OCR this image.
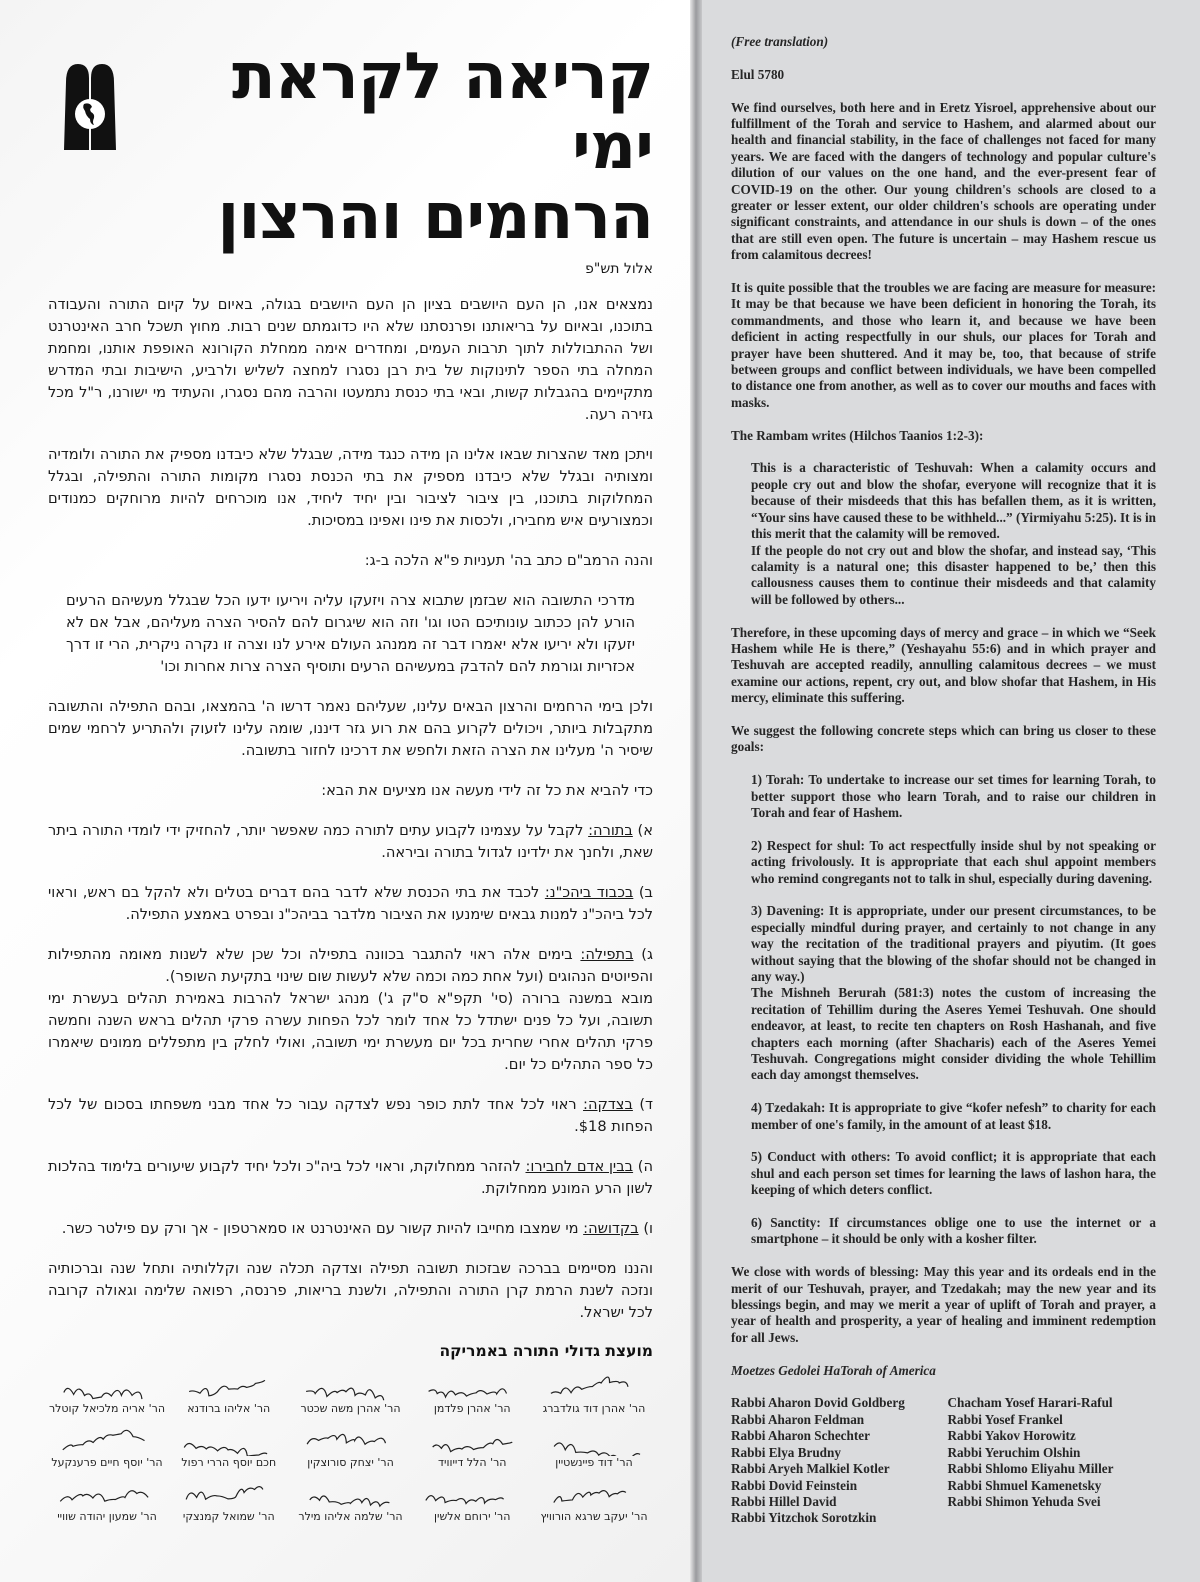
קריאה לקראת ימי
הרחמים והרצון
אלול תש"פ

נמצאים אנו, הן העם היושבים בציון הן העם היושבים בגולה, באיום על קיום התורה והעבודה בתוכנו, ובאיום על בריאותנו ופרנסתנו שלא היו כדוגמתם שנים רבות. מחוץ תשכל חרב האינטרנט ושל ההתבוללות לתוך תרבות העמים, ומחדרים אימה ממחלת הקורונא האופפת אותנו, ומחמת המחלה בתי הספר לתינוקות של בית רבן נסגרו למחצה לשליש ולרביע, הישיבות ובתי המדרש מתקיימים בהגבלות קשות, ובאי בתי כנסת נתמעטו והרבה מהם נסגרו, והעתיד מי ישורנו, ר"ל מכל גזירה רעה.

ויתכן מאד שהצרות שבאו אלינו הן מידה כנגד מידה, שבגלל שלא כיבדנו מספיק את התורה ולומדיה ומצותיה ובגלל שלא כיבדנו מספיק את בתי הכנסת נסגרו מקומות התורה והתפילה, ובגלל המחלוקות בתוכנו, בין ציבור לציבור ובין יחיד ליחיד, אנו מוכרחים להיות מרוחקים כמנודים וכמצורעים איש מחבירו, ולכסות את פינו ואפינו במסיכות.

והנה הרמב"ם כתב בה' תעניות פ"א הלכה ב-ג:

מדרכי התשובה הוא שבזמן שתבוא צרה ויזעקו עליה ויריעו ידעו הכל שבגלל מעשיהם הרעים הורע להן ככתוב עונותיכם הטו וגו' וזה הוא שיגרום להם להסיר הצרה מעליהם, אבל אם לא יזעקו ולא יריעו אלא יאמרו דבר זה ממנהג העולם אירע לנו וצרה זו נקרה ניקרית, הרי זו דרך אכזריות וגורמת להם להדבק במעשיהם הרעים ותוסיף הצרה צרות אחרות וכו'

ולכן בימי הרחמים והרצון הבאים עלינו, שעליהם נאמר דרשו ה' בהמצאו, ובהם התפילה והתשובה מתקבלות ביותר, ויכולים לקרוע בהם את רוע גזר דיננו, שומה עלינו לזעוק ולהתריע לרחמי שמים שיסיר ה' מעלינו את הצרה הזאת ולחפש את דרכינו לחזור בתשובה.

כדי להביא את כל זה לידי מעשה אנו מציעים את הבא:

א) בתורה: לקבל על עצמינו לקבוע עתים לתורה כמה שאפשר יותר, להחזיק ידי לומדי התורה ביתר שאת, ולחנך את ילדינו לגדול בתורה וביראה.
ב) בכבוד ביהכ"נ: לכבד את בתי הכנסת שלא לדבר בהם דברים בטלים ולא להקל בם ראש, וראוי לכל ביהכ"נ למנות גבאים שימנעו את הציבור מלדבר בביהכ"נ ובפרט באמצע התפילה.
ג) בתפילה: בימים אלה ראוי להתגבר בכוונה בתפילה וכל שכן שלא לשנות מאומה מהתפילות והפיוטים הנהוגים (ועל אחת כמה וכמה שלא לעשות שום שינוי בתקיעת השופר).
מובא במשנה ברורה (סי' תקפ"א ס"ק ג') מנהג ישראל להרבות באמירת תהלים בעשרת ימי תשובה, ועל כל פנים ישתדל כל אחד לומר לכל הפחות עשרה פרקי תהלים בראש השנה וחמשה פרקי תהלים אחרי שחרית בכל יום מעשרת ימי תשובה, ואולי לחלק בין מתפללים ממונים שיאמרו כל ספר התהלים כל יום.
ד) בצדקה: ראוי לכל אחד לתת כופר נפש לצדקה עבור כל אחד מבני משפחתו בסכום של לכל הפחות $18.
ה) בבין אדם לחבירו: להזהר ממחלוקת, וראוי לכל ביה"כ ולכל יחיד לקבוע שיעורים בלימוד בהלכות לשון הרע המונע ממחלוקת.
ו) בקדושה: מי שמצבו מחייבו להיות קשור עם האינטרנט או סמארטפון - אך ורק עם פילטר כשר.

והננו מסיימים בברכה שבזכות תשובה תפילה וצדקה תכלה שנה וקללותיה ותחל שנה וברכותיה ונזכה לשנת הרמת קרן התורה והתפילה, ולשנת בריאות, פרנסה, רפואה שלימה וגאולה קרובה לכל ישראל.

מועצת גדולי התורה באמריקה
הר' אהרן דוד גולדברג
הר' אהרן פלדמן
הר' אהרן משה שכטר
הר' אליהו ברודנא
הר' אריה מלכיאל קוטלר
הר' דוד פיינשטיין
הר' הלל דייוויד
הר' יצחק סורוצקין
חכם יוסף הררי רפול
הר' יוסף חיים פרענקעל
הר' יעקב שרגא הורוויץ
הר' ירוחם אלשין
הר' שלמה אליהו מילר
הר' שמואל קמנצקי
הר' שמעון יהודה שוויי

(Free translation)

Elul 5780

We find ourselves, both here and in Eretz Yisroel, apprehensive about our fulfillment of the Torah and service to Hashem, and alarmed about our health and financial stability, in the face of challenges not faced for many years. We are faced with the dangers of technology and popular culture's dilution of our values on the one hand, and the ever-present fear of COVID-19 on the other. Our young children's schools are closed to a greater or lesser extent, our older children's schools are operating under significant constraints, and attendance in our shuls is down – of the ones that are still even open. The future is uncertain – may Hashem rescue us from calamitous decrees!

It is quite possible that the troubles we are facing are measure for measure: It may be that because we have been deficient in honoring the Torah, its commandments, and those who learn it, and because we have been deficient in acting respectfully in our shuls, our places for Torah and prayer have been shuttered. And it may be, too, that because of strife between groups and conflict between individuals, we have been compelled to distance one from another, as well as to cover our mouths and faces with masks.

The Rambam writes (Hilchos Taanios 1:2-3):

This is a characteristic of Teshuvah: When a calamity occurs and people cry out and blow the shofar, everyone will recognize that it is because of their misdeeds that this has befallen them, as it is written, “Your sins have caused these to be withheld...” (Yirmiyahu 5:25). It is in this merit that the calamity will be removed.
If the people do not cry out and blow the shofar, and instead say, ‘This calamity is a natural one; this disaster happened to be,’ then this callousness causes them to continue their misdeeds and that calamity will be followed by others...

Therefore, in these upcoming days of mercy and grace – in which we “Seek Hashem while He is there,” (Yeshayahu 55:6) and in which prayer and Teshuvah are accepted readily, annulling calamitous decrees – we must examine our actions, repent, cry out, and blow shofar that Hashem, in His mercy, eliminate this suffering.

We suggest the following concrete steps which can bring us closer to these goals:

1) Torah: To undertake to increase our set times for learning Torah, to better support those who learn Torah, and to raise our children in Torah and fear of Hashem.

2) Respect for shul: To act respectfully inside shul by not speaking or acting frivolously. It is appropriate that each shul appoint members who remind congregants not to talk in shul, especially during davening.

3) Davening: It is appropriate, under our present circumstances, to be especially mindful during prayer, and certainly to not change in any way the recitation of the traditional prayers and piyutim. (It goes without saying that the blowing of the shofar should not be changed in any way.)
The Mishneh Berurah (581:3) notes the custom of increasing the recitation of Tehillim during the Aseres Yemei Teshuvah. One should endeavor, at least, to recite ten chapters on Rosh Hashanah, and five chapters each morning (after Shacharis) each of the Aseres Yemei Teshuvah. Congregations might consider dividing the whole Tehillim each day amongst themselves.

4) Tzedakah: It is appropriate to give “kofer nefesh” to charity for each member of one's family, in the amount of at least $18.

5) Conduct with others: To avoid conflict; it is appropriate that each shul and each person set times for learning the laws of lashon hara, the keeping of which deters conflict.

6) Sanctity: If circumstances oblige one to use the internet or a smartphone – it should be only with a kosher filter.

We close with words of blessing: May this year and its ordeals end in the merit of our Teshuvah, prayer, and Tzedakah; may the new year and its blessings begin, and may we merit a year of uplift of Torah and prayer, a year of health and prosperity, a year of healing and imminent redemption for all Jews.

Moetzes Gedolei HaTorah of America

Rabbi Aharon Dovid Goldberg
Rabbi Aharon Feldman
Rabbi Aharon Schechter
Rabbi Elya Brudny
Rabbi Aryeh Malkiel Kotler
Rabbi Dovid Feinstein
Rabbi Hillel David
Rabbi Yitzchok Sorotzkin
Chacham Yosef Harari-Raful
Rabbi Yosef Frankel
Rabbi Yakov Horowitz
Rabbi Yeruchim Olshin
Rabbi Shlomo Eliyahu Miller
Rabbi Shmuel Kamenetsky
Rabbi Shimon Yehuda Svei
